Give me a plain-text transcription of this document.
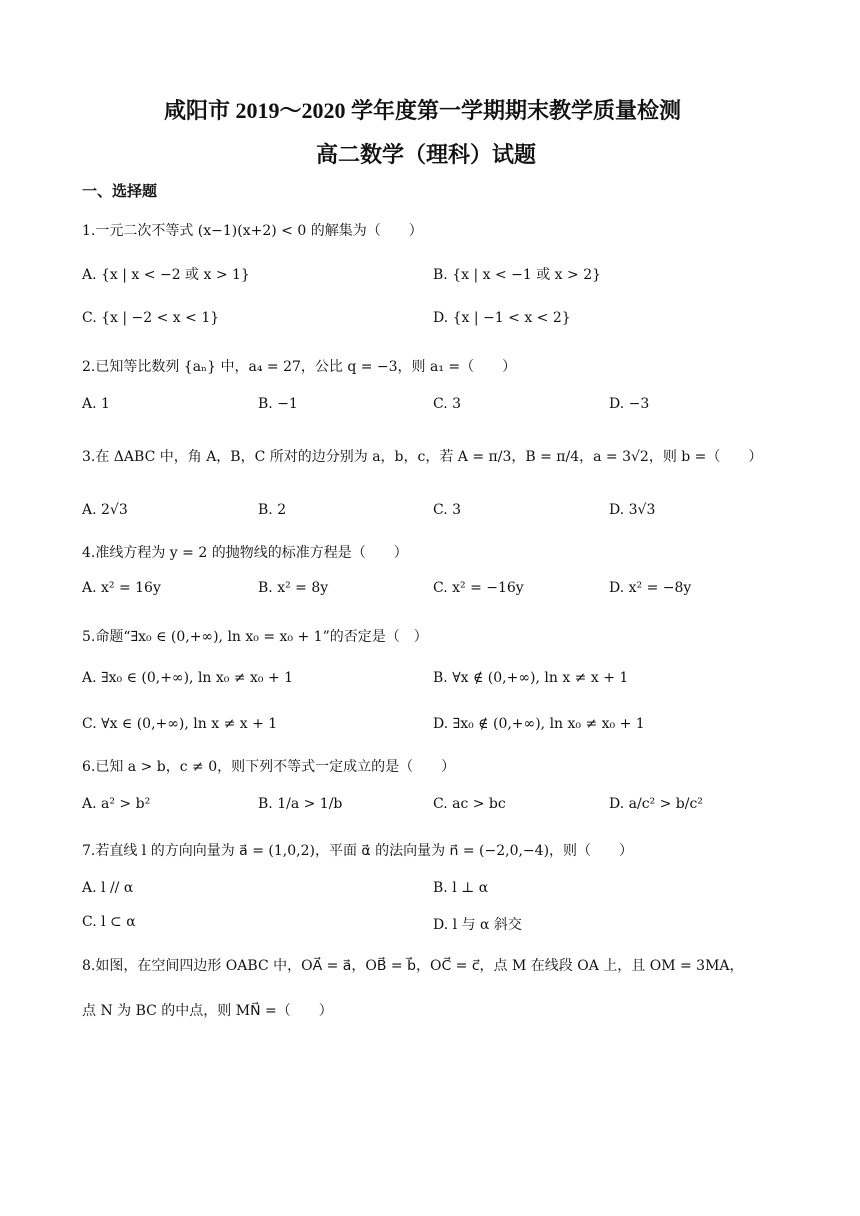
咸阳市 2019～2020 学年度第一学期期末教学质量检测
高二数学（理科）试题
一、选择题
1.一元二次不等式 (x−1)(x+2) < 0 的解集为（　　）
A. {x | x < −2 或 x > 1}	B. {x | x < −1 或 x > 2}
C. {x | −2 < x < 1}	D. {x | −1 < x < 2}
2.已知等比数列 {aₙ} 中，a₄ = 27，公比 q = −3，则 a₁ =（　　）
A. 1	B. −1	C. 3	D. −3
3.在 ΔABC 中，角 A，B，C 所对的边分别为 a，b，c，若 A = π/3，B = π/4，a = 3√2，则 b =（　　）
A. 2√3	B. 2	C. 3	D. 3√3
4.准线方程为 y = 2 的抛物线的标准方程是（　　）
A. x² = 16y	B. x² = 8y	C. x² = −16y	D. x² = −8y
5.命题“∃x₀ ∈ (0,+∞), ln x₀ = x₀ + 1”的否定是（　）
A. ∃x₀ ∈ (0,+∞), ln x₀ ≠ x₀ + 1	B. ∀x ∉ (0,+∞), ln x ≠ x + 1
C. ∀x ∈ (0,+∞), ln x ≠ x + 1	D. ∃x₀ ∉ (0,+∞), ln x₀ ≠ x₀ + 1
6.已知 a > b，c ≠ 0，则下列不等式一定成立的是（　　）
A. a² > b²	B. 1/a > 1/b	C. ac > bc	D. a/c² > b/c²
7.若直线 l 的方向向量为 a⃗ = (1,0,2)，平面 α⃗ 的法向量为 n⃗ = (−2,0,−4)，则（　　）
A. l // α	B. l ⊥ α
C. l ⊂ α	D. l 与 α 斜交
8.如图，在空间四边形 OABC 中，OA⃗ = a⃗，OB⃗ = b⃗，OC⃗ = c⃗，点 M 在线段 OA 上，且 OM = 3MA，
点 N 为 BC 的中点，则 MN⃗ =（　　）
